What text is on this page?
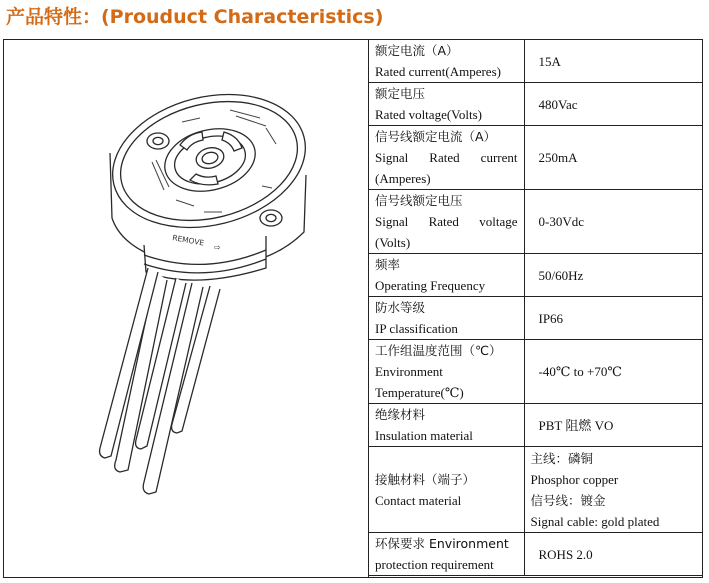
产品特性：(Prouduct Characteristics)
REMOVE ⇨
额定电流（A）
Rated current(Amperes)	15A

额定电压
Rated voltage(Volts)	480Vac

信号线额定电流（A）
Signal Rated current
(Amperes)	250mA

信号线额定电压
Signal Rated voltage
(Volts)	0-30Vdc

频率
Operating Frequency	50/60Hz

防水等级
IP classification	IP66

工作组温度范围（℃）
Environment
Temperature(℃)	-40℃ to +70℃

绝缘材料
Insulation material	PBT 阻燃 VO

接触材料（端子）
Contact material	主线：磷铜
Phosphor copper
信号线：镀金
Signal cable: gold plated

环保要求 Environment
protection requirement	ROHS 2.0
